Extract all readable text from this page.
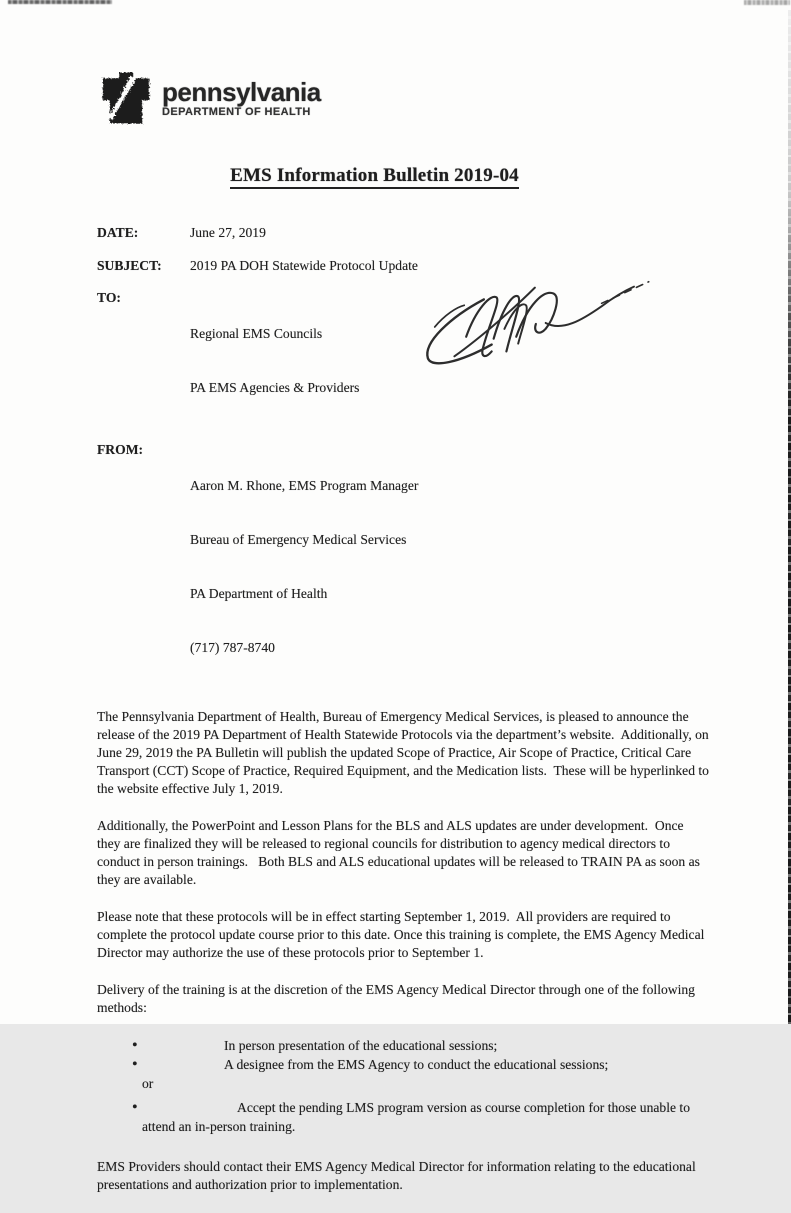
pennsylvania
DEPARTMENT OF HEALTH
EMS Information Bulletin 2019-04
DATE:	June 27, 2019
SUBJECT:	2019 PA DOH Statewide Protocol Update
TO:

Regional EMS Councils

PA EMS Agencies & Providers

FROM:

Aaron M. Rhone, EMS Program Manager

Bureau of Emergency Medical Services

PA Department of Health

(717) 787-8740

The Pennsylvania Department of Health, Bureau of Emergency Medical Services, is pleased to announce the release of the 2019 PA Department of Health Statewide Protocols via the department’s website.  Additionally, on June 29, 2019 the PA Bulletin will publish the updated Scope of Practice, Air Scope of Practice, Critical Care Transport (CCT) Scope of Practice, Required Equipment, and the Medication lists.  These will be hyperlinked to the website effective July 1, 2019.

Additionally, the PowerPoint and Lesson Plans for the BLS and ALS updates are under development.  Once they are finalized they will be released to regional councils for distribution to agency medical directors to conduct in person trainings.   Both BLS and ALS educational updates will be released to TRAIN PA as soon as they are available.

Please note that these protocols will be in effect starting September 1, 2019.  All providers are required to complete the protocol update course prior to this date. Once this training is complete, the EMS Agency Medical Director may authorize the use of these protocols prior to September 1.

Delivery of the training is at the discretion of the EMS Agency Medical Director through one of the following methods:

• In person presentation of the educational sessions;
• A designee from the EMS Agency to conduct the educational sessions;
or
• Accept the pending LMS program version as course completion for those unable to attend an in-person training.

EMS Providers should contact their EMS Agency Medical Director for information relating to the educational presentations and authorization prior to implementation.
